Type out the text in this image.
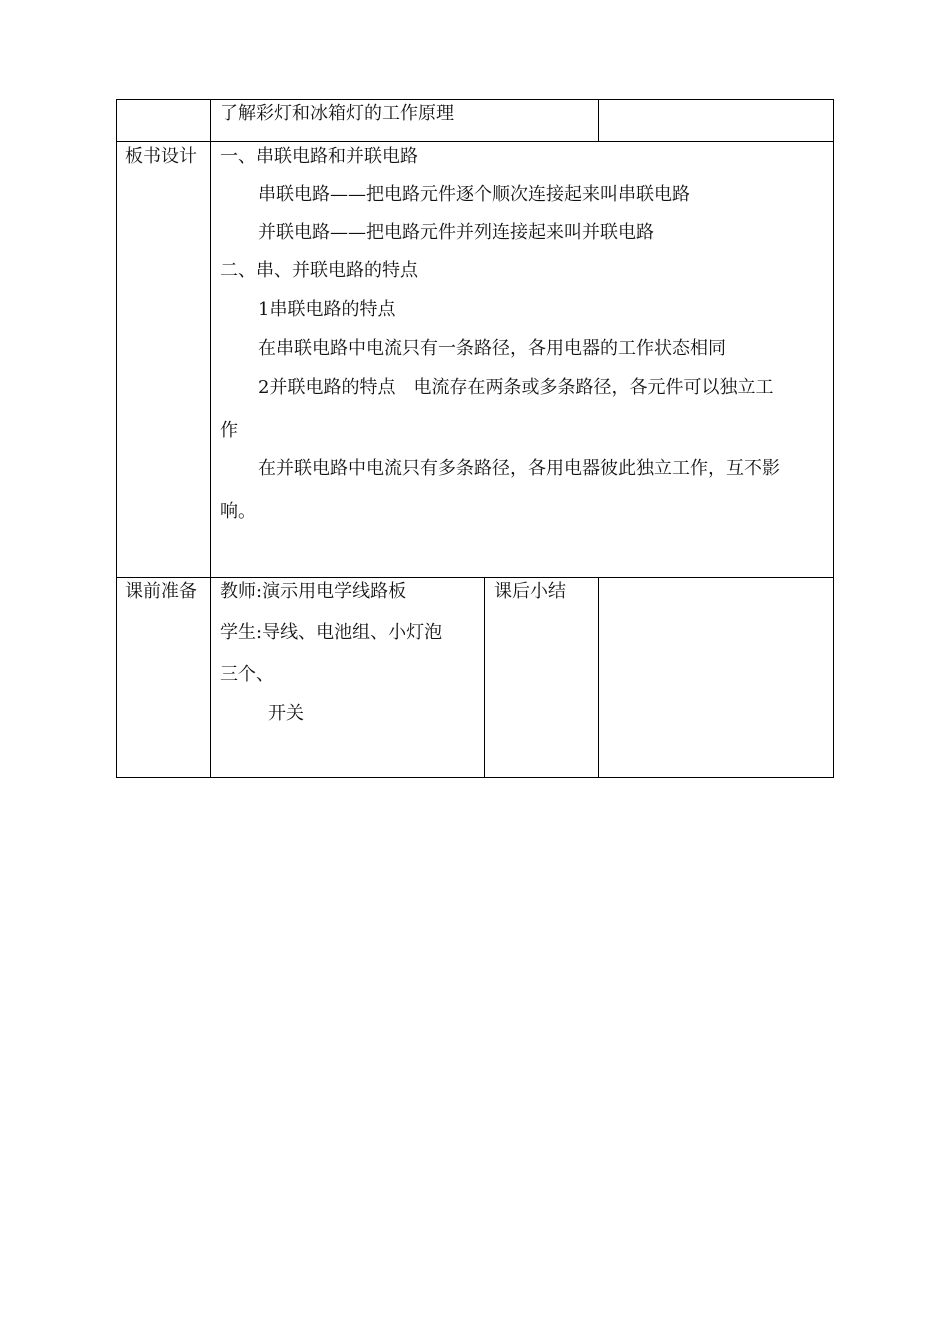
了解彩灯和冰箱灯的工作原理
板书设计 一、串联电路和并联电路
串联电路——把电路元件逐个顺次连接起来叫串联电路
并联电路——把电路元件并列连接起来叫并联电路
二、串、并联电路的特点
1串联电路的特点
在串联电路中电流只有一条路径，各用电器的工作状态相同
2并联电路的特点　电流存在两条或多条路径，各元件可以独立工
作
在并联电路中电流只有多条路径，各用电器彼此独立工作，互不影
响。
课前准备 教师:演示用电学线路板
学生:导线、电池组、小灯泡
三个、
开关
课后小结
